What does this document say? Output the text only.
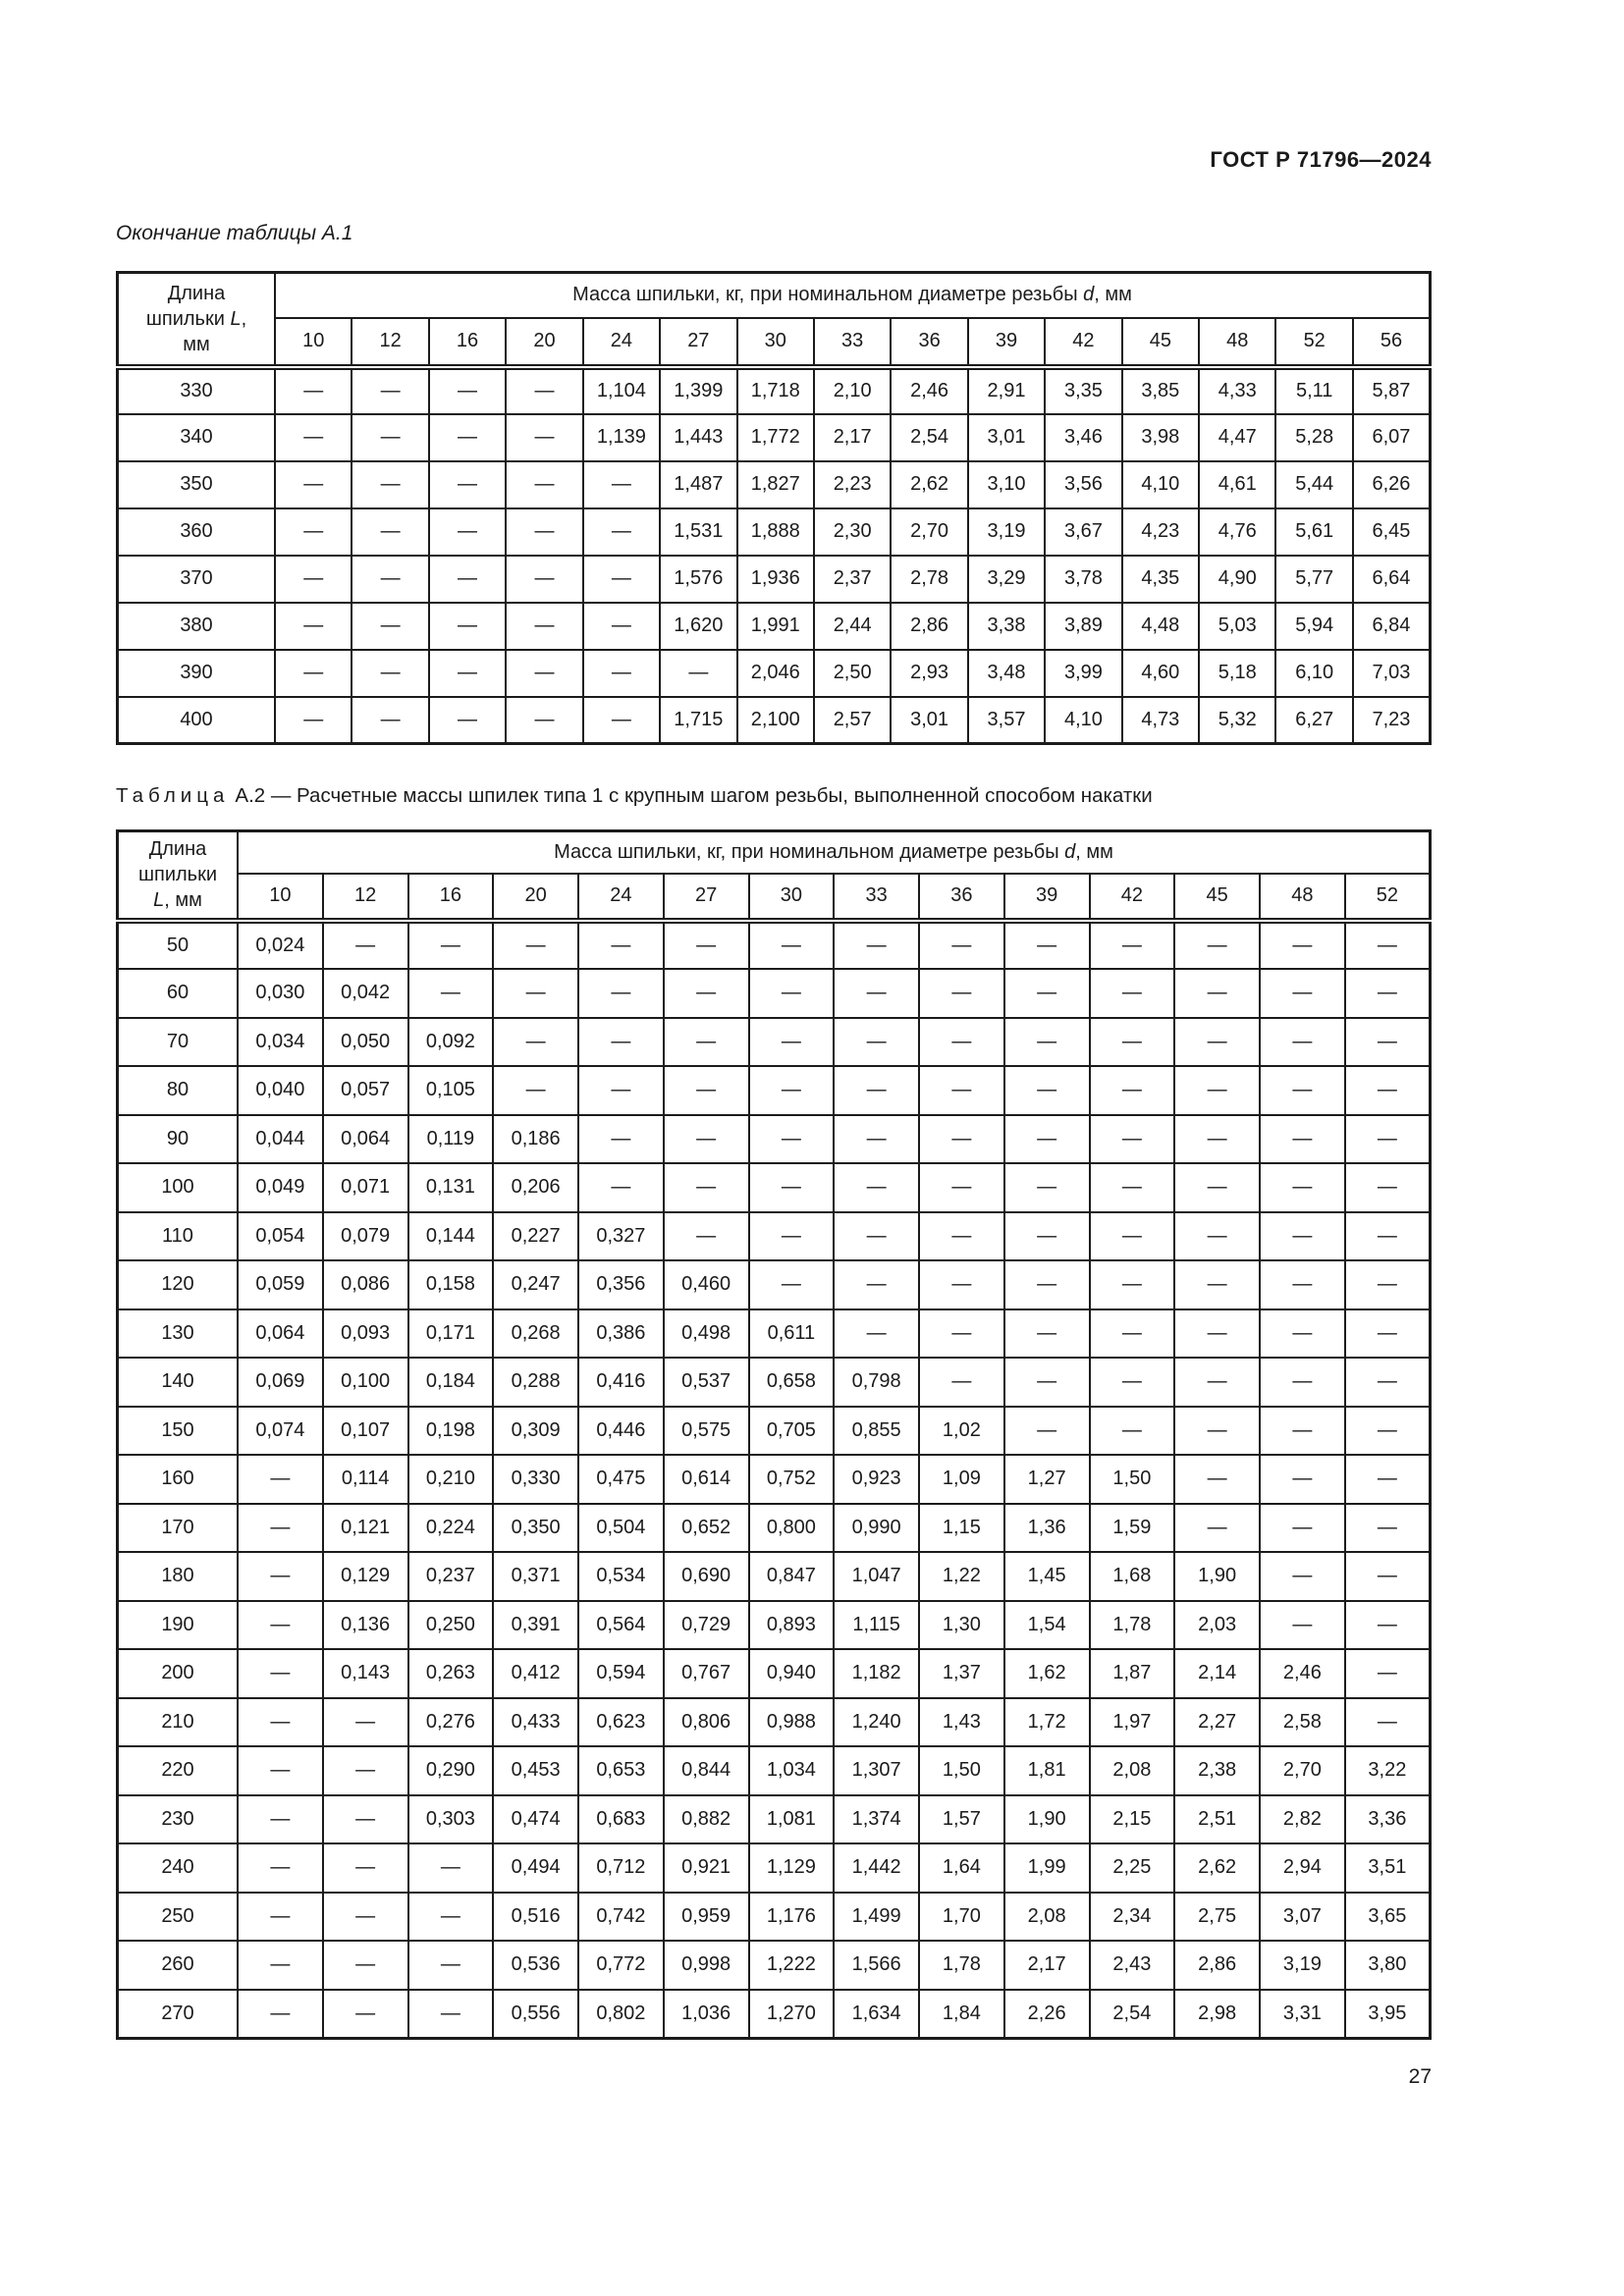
ГОСТ Р 71796—2024
Окончание таблицы А.1
Длина
шпильки L,
мм	Масса шпильки, кг, при номинальном диаметре резьбы d, мм														
	10	12	16	20	24	27	30	33	36	39	42	45	48	52	56
330	—	—	—	—	1,104	1,399	1,718	2,10	2,46	2,91	3,35	3,85	4,33	5,11	5,87
340	—	—	—	—	1,139	1,443	1,772	2,17	2,54	3,01	3,46	3,98	4,47	5,28	6,07
350	—	—	—	—	—	1,487	1,827	2,23	2,62	3,10	3,56	4,10	4,61	5,44	6,26
360	—	—	—	—	—	1,531	1,888	2,30	2,70	3,19	3,67	4,23	4,76	5,61	6,45
370	—	—	—	—	—	1,576	1,936	2,37	2,78	3,29	3,78	4,35	4,90	5,77	6,64
380	—	—	—	—	—	1,620	1,991	2,44	2,86	3,38	3,89	4,48	5,03	5,94	6,84
390	—	—	—	—	—	—	2,046	2,50	2,93	3,48	3,99	4,60	5,18	6,10	7,03
400	—	—	—	—	—	1,715	2,100	2,57	3,01	3,57	4,10	4,73	5,32	6,27	7,23

Таблица А.2 — Расчетные массы шпилек типа 1 с крупным шагом резьбы, выполненной способом накатки

Длина
шпильки
L, мм	Масса шпильки, кг, при номинальном диаметре резьбы d, мм													
	10	12	16	20	24	27	30	33	36	39	42	45	48	52
50	0,024	—	—	—	—	—	—	—	—	—	—	—	—	—
60	0,030	0,042	—	—	—	—	—	—	—	—	—	—	—	—
70	0,034	0,050	0,092	—	—	—	—	—	—	—	—	—	—	—
80	0,040	0,057	0,105	—	—	—	—	—	—	—	—	—	—	—
90	0,044	0,064	0,119	0,186	—	—	—	—	—	—	—	—	—	—
100	0,049	0,071	0,131	0,206	—	—	—	—	—	—	—	—	—	—
110	0,054	0,079	0,144	0,227	0,327	—	—	—	—	—	—	—	—	—
120	0,059	0,086	0,158	0,247	0,356	0,460	—	—	—	—	—	—	—	—
130	0,064	0,093	0,171	0,268	0,386	0,498	0,611	—	—	—	—	—	—	—
140	0,069	0,100	0,184	0,288	0,416	0,537	0,658	0,798	—	—	—	—	—	—
150	0,074	0,107	0,198	0,309	0,446	0,575	0,705	0,855	1,02	—	—	—	—	—
160	—	0,114	0,210	0,330	0,475	0,614	0,752	0,923	1,09	1,27	1,50	—	—	—
170	—	0,121	0,224	0,350	0,504	0,652	0,800	0,990	1,15	1,36	1,59	—	—	—
180	—	0,129	0,237	0,371	0,534	0,690	0,847	1,047	1,22	1,45	1,68	1,90	—	—
190	—	0,136	0,250	0,391	0,564	0,729	0,893	1,115	1,30	1,54	1,78	2,03	—	—
200	—	0,143	0,263	0,412	0,594	0,767	0,940	1,182	1,37	1,62	1,87	2,14	2,46	—
210	—	—	0,276	0,433	0,623	0,806	0,988	1,240	1,43	1,72	1,97	2,27	2,58	—
220	—	—	0,290	0,453	0,653	0,844	1,034	1,307	1,50	1,81	2,08	2,38	2,70	3,22
230	—	—	0,303	0,474	0,683	0,882	1,081	1,374	1,57	1,90	2,15	2,51	2,82	3,36
240	—	—	—	0,494	0,712	0,921	1,129	1,442	1,64	1,99	2,25	2,62	2,94	3,51
250	—	—	—	0,516	0,742	0,959	1,176	1,499	1,70	2,08	2,34	2,75	3,07	3,65
260	—	—	—	0,536	0,772	0,998	1,222	1,566	1,78	2,17	2,43	2,86	3,19	3,80
270	—	—	—	0,556	0,802	1,036	1,270	1,634	1,84	2,26	2,54	2,98	3,31	3,95
27
